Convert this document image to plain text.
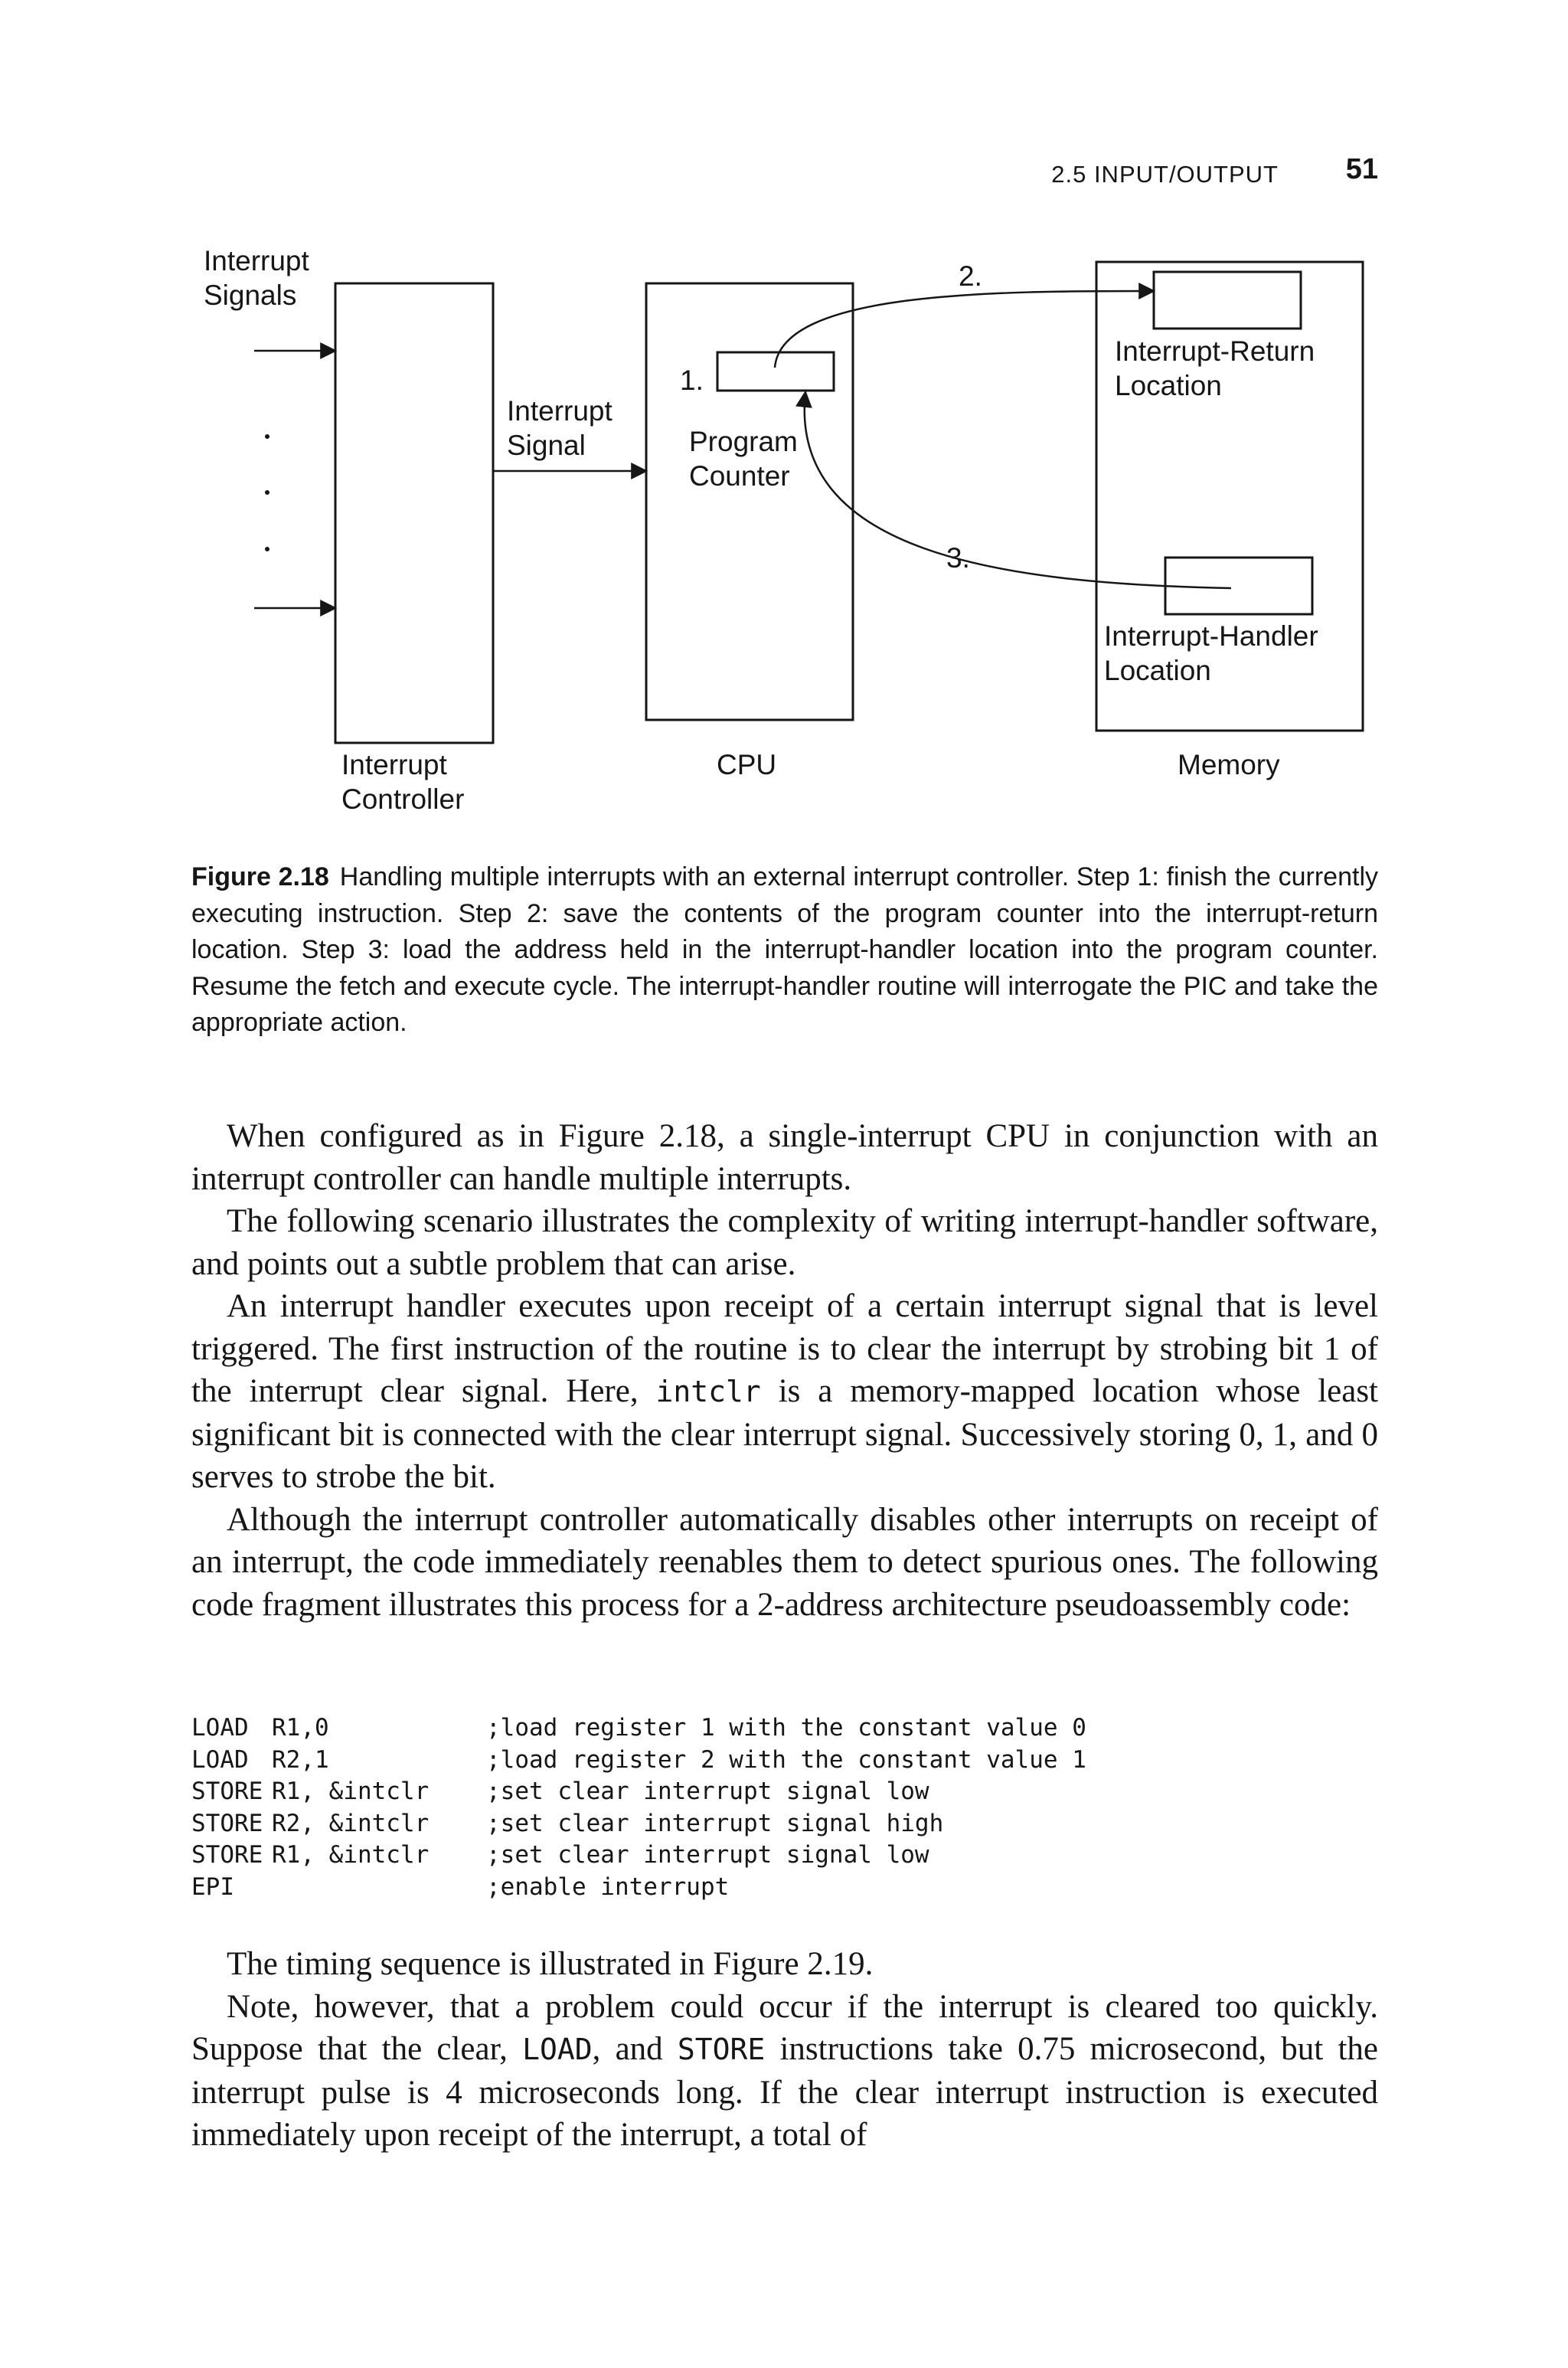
2.5 INPUT/OUTPUT 51
Interrupt
Signals
Interrupt
Signal
1.
2.
3.
Program
Counter
Interrupt-Return
Location
Interrupt-Handler
Location
Interrupt
Controller
CPU	Memory
Figure 2.18 Handling multiple interrupts with an external interrupt controller. Step 1: finish the currently executing instruction. Step 2: save the contents of the program counter into the interrupt-return location. Step 3: load the address held in the interrupt-handler location into the program counter. Resume the fetch and execute cycle. The interrupt-handler routine will interrogate the PIC and take the appropriate action.

When configured as in Figure 2.18, a single-interrupt CPU in conjunction with an interrupt controller can handle multiple interrupts.

The following scenario illustrates the complexity of writing interrupt-handler software, and points out a subtle problem that can arise.

An interrupt handler executes upon receipt of a certain interrupt signal that is level triggered. The first instruction of the routine is to clear the interrupt by strobing bit 1 of the interrupt clear signal. Here, intclr is a memory-mapped location whose least significant bit is connected with the clear interrupt signal. Successively storing 0, 1, and 0 serves to strobe the bit.

Although the interrupt controller automatically disables other interrupts on receipt of an interrupt, the code immediately reenables them to detect spurious ones. The following code fragment illustrates this process for a 2-address architecture pseudoassembly code:

LOAD R1,0	;load register 1 with the constant value 0
LOAD R2,1	;load register 2 with the constant value 1
STORE R1, &intclr ;set clear interrupt signal low
STORE R2, &intclr ;set clear interrupt signal high
STORE R1, &intclr ;set clear interrupt signal low
EPI	;enable interrupt

The timing sequence is illustrated in Figure 2.19.

Note, however, that a problem could occur if the interrupt is cleared too quickly. Suppose that the clear, LOAD, and STORE instructions take 0.75 microsecond, but the interrupt pulse is 4 microseconds long. If the clear interrupt instruction is executed immediately upon receipt of the interrupt, a total of
